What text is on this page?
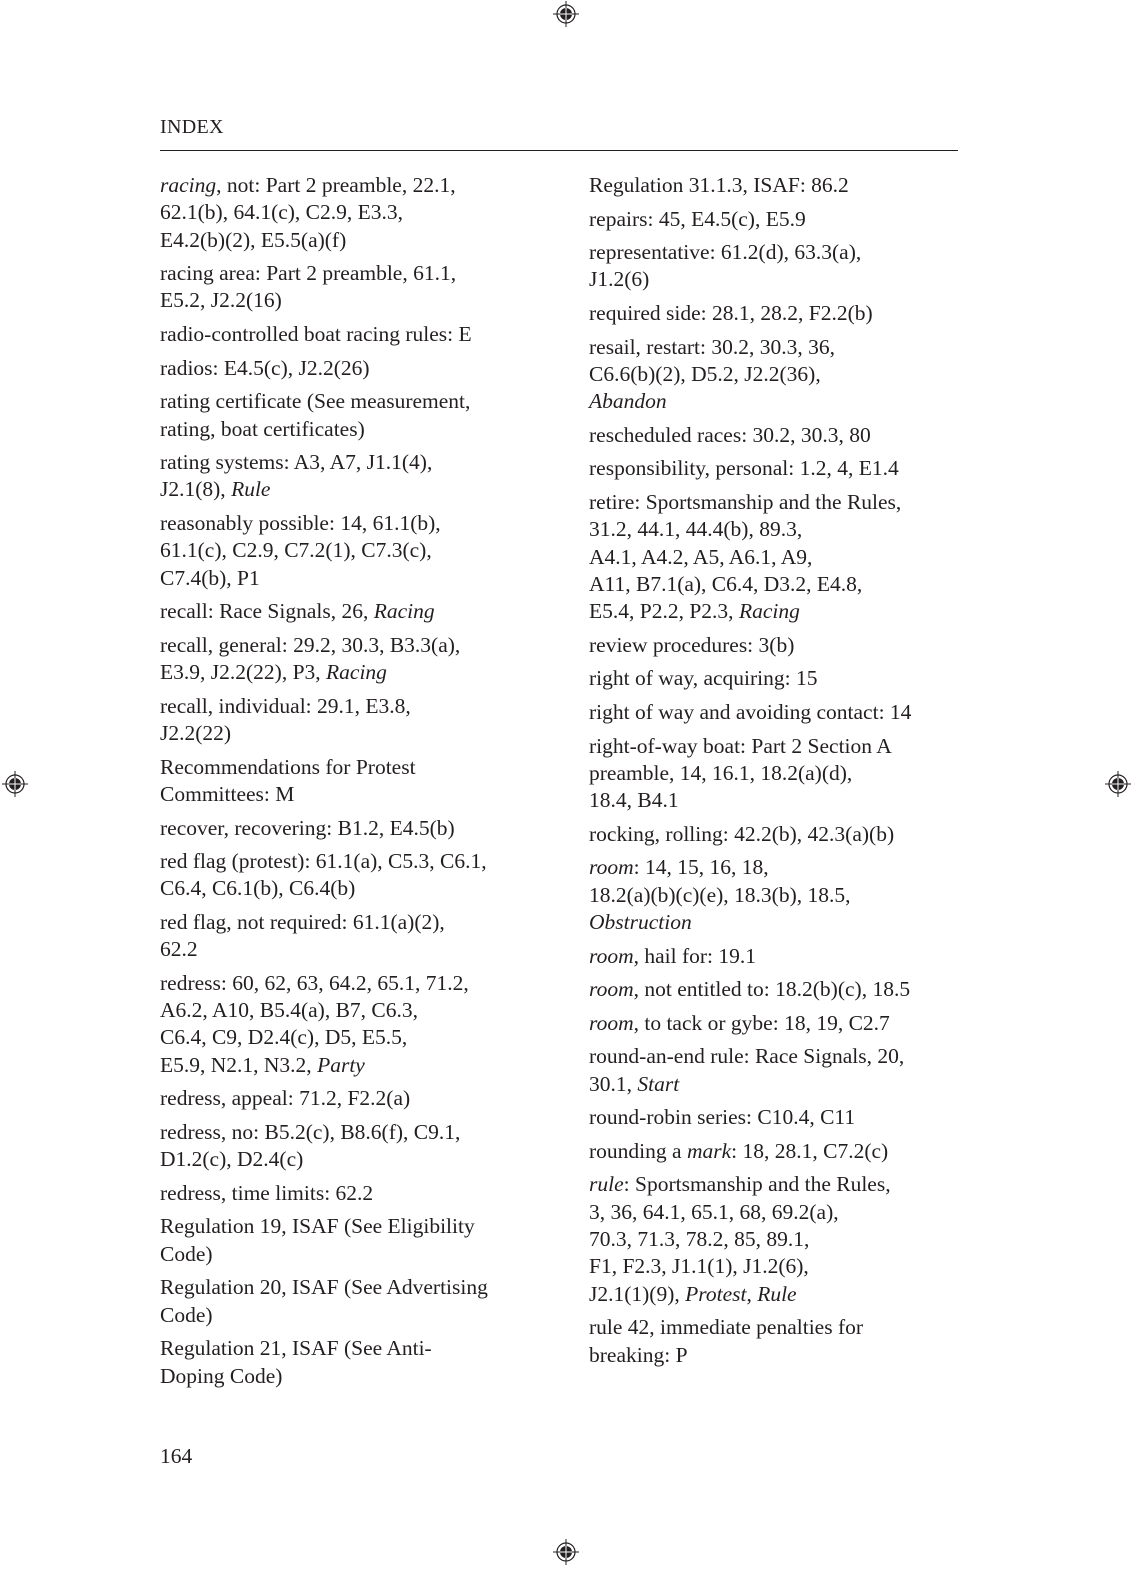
INDEX
racing, not: Part 2 preamble, 22.1,
62.1(b), 64.1(c), C2.9, E3.3,
E4.2(b)(2), E5.5(a)(f)
racing area: Part 2 preamble, 61.1,
E5.2, J2.2(16)
radio-controlled boat racing rules: E
radios: E4.5(c), J2.2(26)
rating certificate (See measurement,
rating, boat certificates)
rating systems: A3, A7, J1.1(4),
J2.1(8), Rule
reasonably possible: 14, 61.1(b),
61.1(c), C2.9, C7.2(1), C7.3(c),
C7.4(b), P1
recall: Race Signals, 26, Racing
recall, general: 29.2, 30.3, B3.3(a),
E3.9, J2.2(22), P3, Racing
recall, individual: 29.1, E3.8,
J2.2(22)
Recommendations for Protest
Committees: M
recover, recovering: B1.2, E4.5(b)
red flag (protest): 61.1(a), C5.3, C6.1,
C6.4, C6.1(b), C6.4(b)
red flag, not required: 61.1(a)(2),
62.2
redress: 60, 62, 63, 64.2, 65.1, 71.2,
A6.2, A10, B5.4(a), B7, C6.3,
C6.4, C9, D2.4(c), D5, E5.5,
E5.9, N2.1, N3.2, Party
redress, appeal: 71.2, F2.2(a)
redress, no: B5.2(c), B8.6(f), C9.1,
D1.2(c), D2.4(c)
redress, time limits: 62.2
Regulation 19, ISAF (See Eligibility
Code)
Regulation 20, ISAF (See Advertising
Code)
Regulation 21, ISAF (See Anti-
Doping Code)
Regulation 31.1.3, ISAF: 86.2
repairs: 45, E4.5(c), E5.9
representative: 61.2(d), 63.3(a),
J1.2(6)
required side: 28.1, 28.2, F2.2(b)
resail, restart: 30.2, 30.3, 36,
C6.6(b)(2), D5.2, J2.2(36),
Abandon
rescheduled races: 30.2, 30.3, 80
responsibility, personal: 1.2, 4, E1.4
retire: Sportsmanship and the Rules,
31.2, 44.1, 44.4(b), 89.3,
A4.1, A4.2, A5, A6.1, A9,
A11, B7.1(a), C6.4, D3.2, E4.8,
E5.4, P2.2, P2.3, Racing
review procedures: 3(b)
right of way, acquiring: 15
right of way and avoiding contact: 14
right-of-way boat: Part 2 Section A
preamble, 14, 16.1, 18.2(a)(d),
18.4, B4.1
rocking, rolling: 42.2(b), 42.3(a)(b)
room: 14, 15, 16, 18,
18.2(a)(b)(c)(e), 18.3(b), 18.5,
Obstruction
room, hail for: 19.1
room, not entitled to: 18.2(b)(c), 18.5
room, to tack or gybe: 18, 19, C2.7
round-an-end rule: Race Signals, 20,
30.1, Start
round-robin series: C10.4, C11
rounding a mark: 18, 28.1, C7.2(c)
rule: Sportsmanship and the Rules,
3, 36, 64.1, 65.1, 68, 69.2(a),
70.3, 71.3, 78.2, 85, 89.1,
F1, F2.3, J1.1(1), J1.2(6),
J2.1(1)(9), Protest, Rule
rule 42, immediate penalties for
breaking: P
164
